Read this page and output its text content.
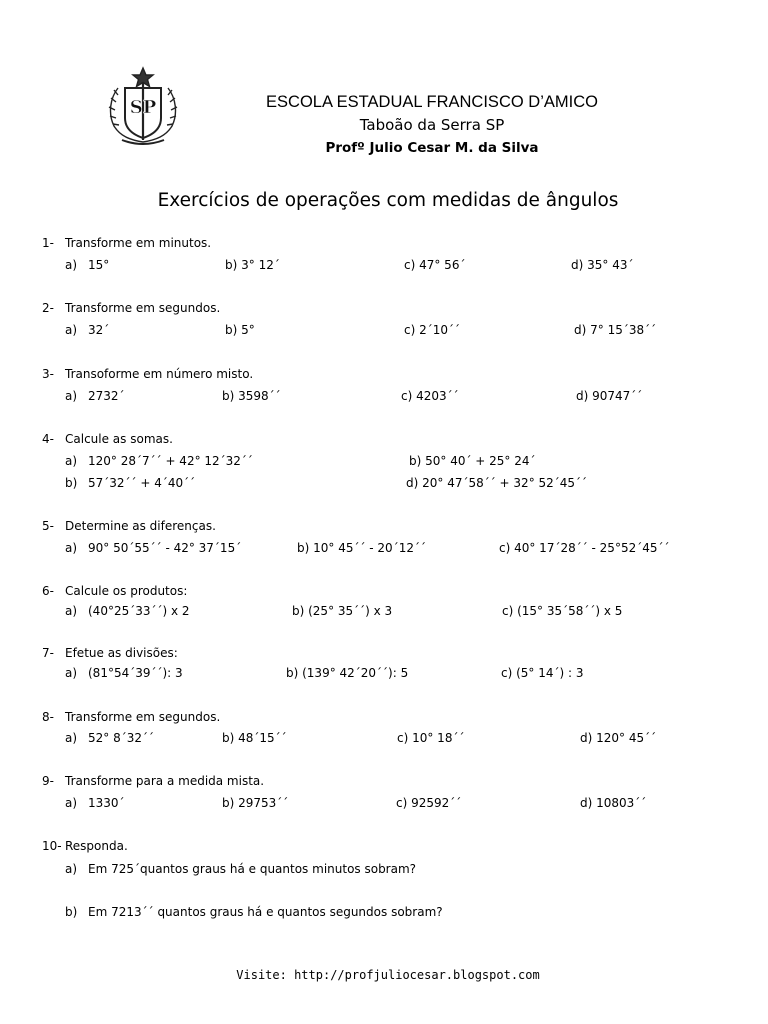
SP	ESCOLA ESTADUAL FRANCISCO D’AMICO
Taboão da Serra SP
Profº Julio Cesar M. da Silva
Exercícios de operações com medidas de ângulos
1- Transforme em minutos.
a) 15°	b) 3° 12´	c) 47° 56´	d) 35° 43´
2- Transforme em segundos.
a) 32´	b) 5°	c) 2´10´´	d) 7° 15´38´´
3- Transoforme em número misto.
a) 2732´	b) 3598´´	c) 4203´´	d) 90747´´
4- Calcule as somas.
a) 120° 28´7´´ + 42° 12´32´´	b) 50° 40´ + 25° 24´
b) 57´32´´ + 4´40´´	d) 20° 47´58´´ + 32° 52´45´´
5- Determine as diferenças.
a) 90° 50´55´´ - 42° 37´15´	b) 10° 45´´ - 20´12´´	c) 40° 17´28´´ - 25°52´45´´
6- Calcule os produtos:
a) (40°25´33´´) x 2	b) (25° 35´´) x 3	c) (15° 35´58´´) x 5
7- Efetue as divisões:
a) (81°54´39´´): 3	b) (139° 42´20´´): 5	c) (5° 14´) : 3
8- Transforme em segundos.
a) 52° 8´32´´	b) 48´15´´	c) 10° 18´´	d) 120° 45´´
9- Transforme para a medida mista.
a) 1330´	b) 29753´´	c) 92592´´	d) 10803´´
10- Responda.
a) Em 725´quantos graus há e quantos minutos sobram?
b) Em 7213´´ quantos graus há e quantos segundos sobram?
Visite: http://profjuliocesar.blogspot.com
